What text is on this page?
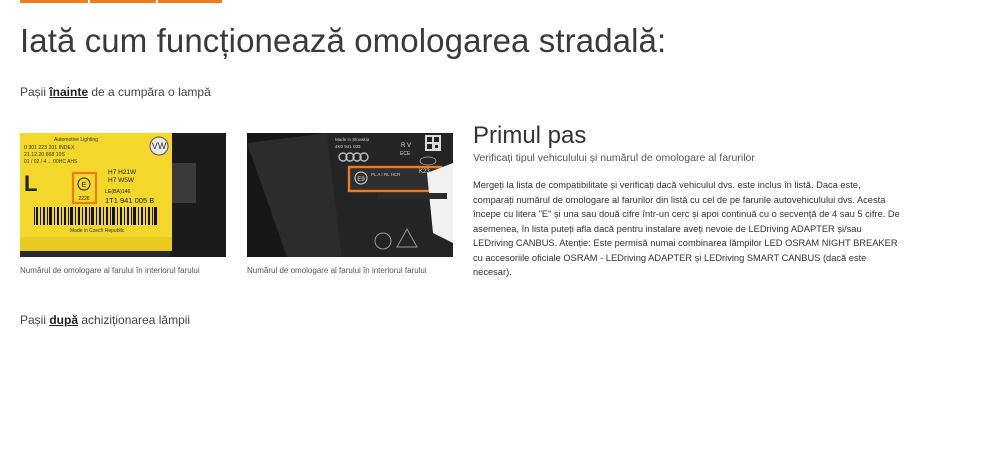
Iată cum funcționează omologarea stradală:
Pașii înainte de a cumpăra o lampă
VW
Automotive Lighting
0 301 223 201 INDEX
21.12.20 668 10S
01 / 02 / 4 ... 00HC AHS
L	H7 H21W
H7 W5W
E
2226
LE(BA)146
1T1 941 005 B
Made in Czech Republic
Numărul de omologare al farului în interiorul farului
Made in Slovakia
4K0 941 033	R V
ECE
E9
PL A I RL HCR	K23
Numărul de omologare al farului în interiorul farului
Primul pas
Verificați tipul vehiculului și numărul de omologare al farurilor

Mergeți la lista de compatibilitate și verificați dacă vehiculul dvs. este inclus în listă. Daca este, comparați numărul de omologare al farurilor din listă cu cel de pe farurile autovehiculului dvs. Acesta începe cu litera "E" și una sau două cifre într-un cerc și apoi continuă cu o secvență de 4 sau 5 cifre. De asemenea, în lista puteți afla dacă pentru instalare aveți nevoie de LEDriving ADAPTER și/sau LEDriving CANBUS. Atenție: Este permisă numai combinarea lămpilor LED OSRAM NIGHT BREAKER cu accesoriile oficiale OSRAM - LEDriving ADAPTER și LEDriving SMART CANBUS (dacă este necesar).

Pașii după achiziționarea lămpii
